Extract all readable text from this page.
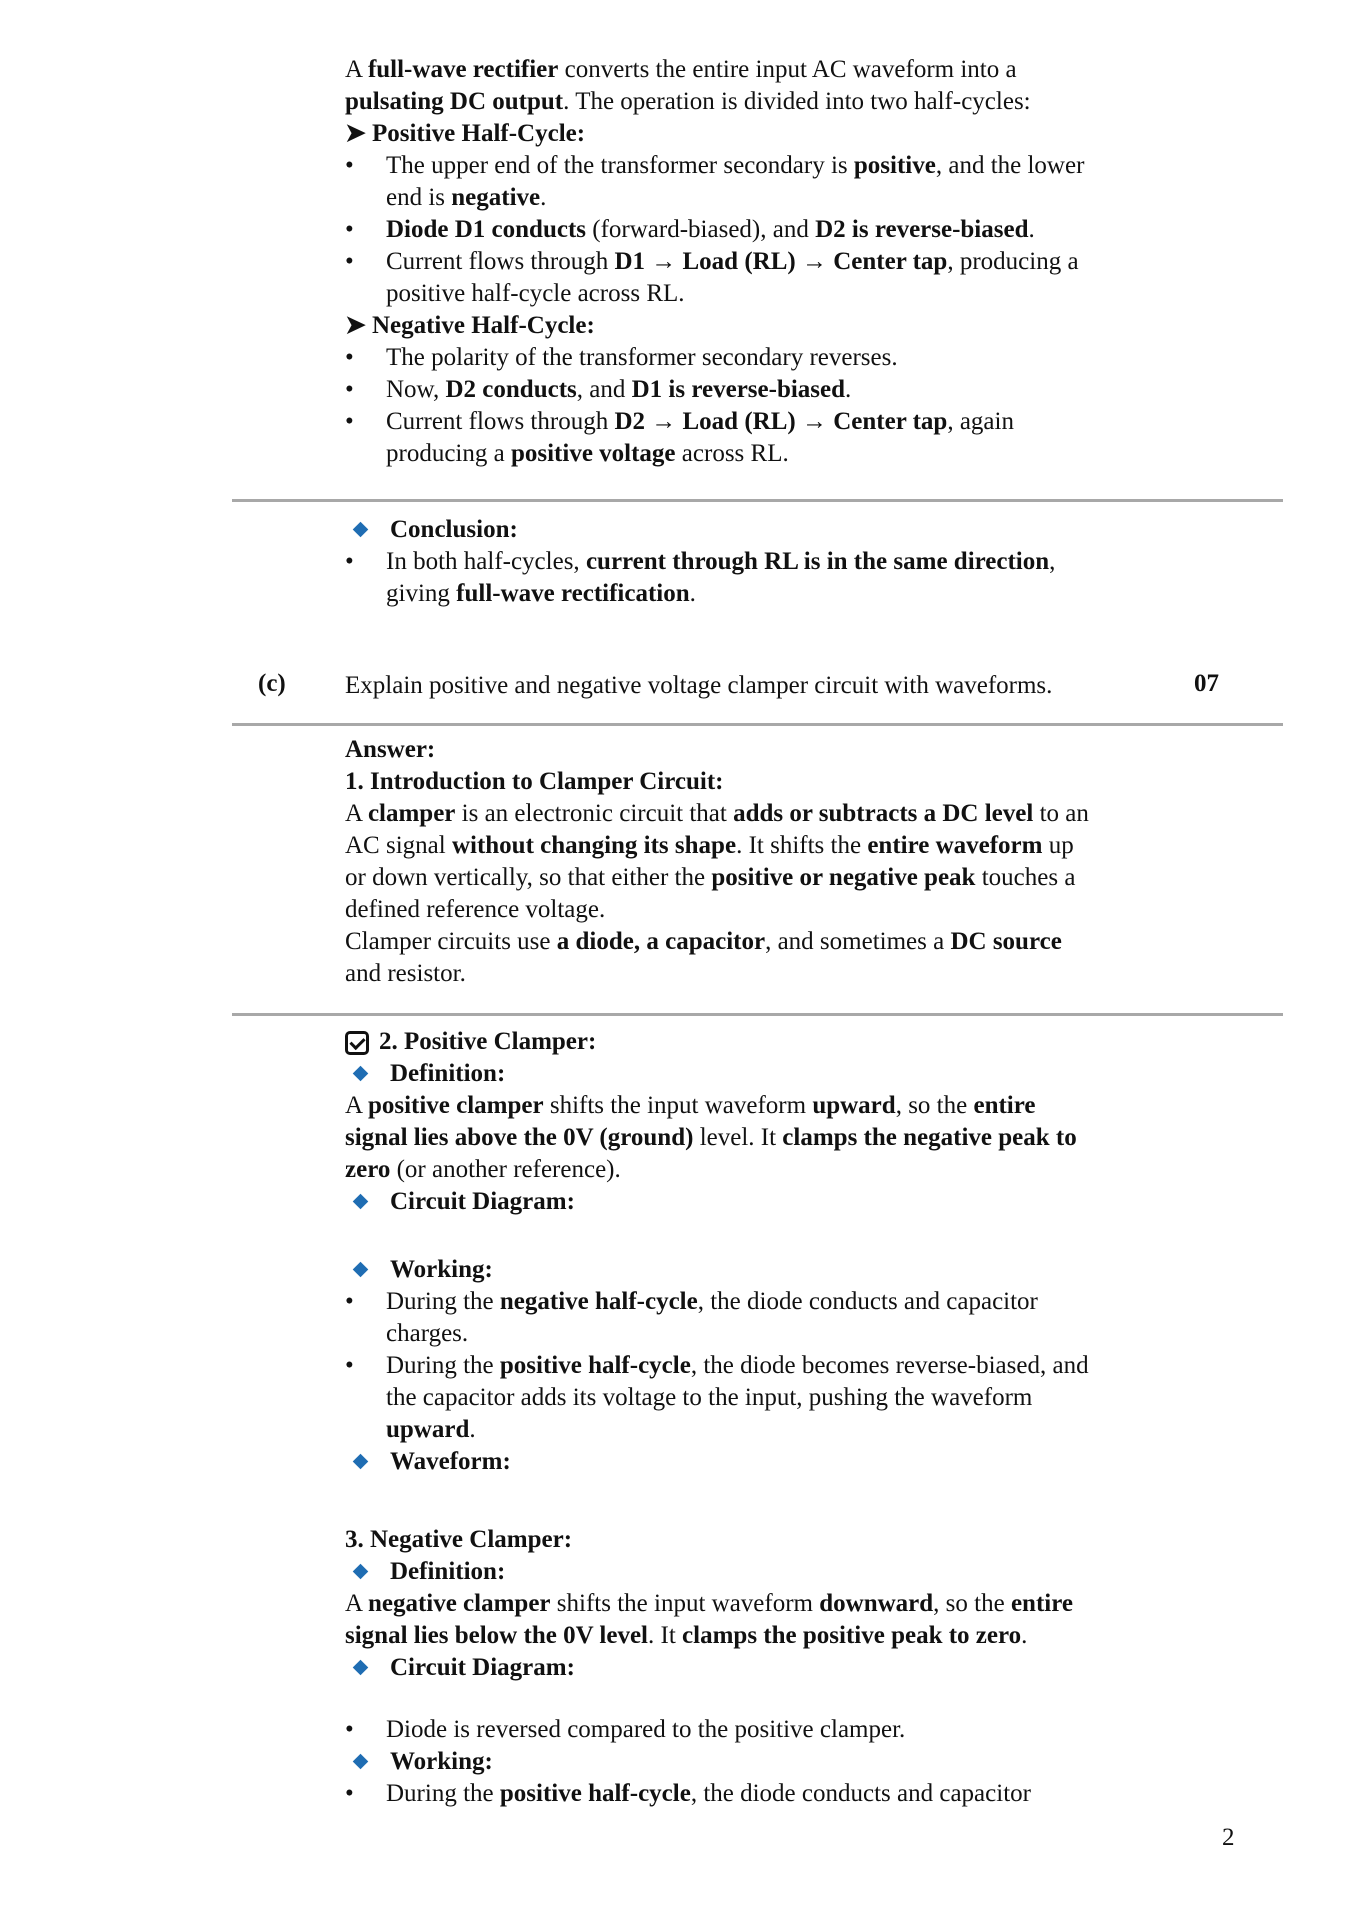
A full-wave rectifier converts the entire input AC waveform into a
pulsating DC output. The operation is divided into two half-cycles:
➤ Positive Half-Cycle:
•	The upper end of the transformer secondary is positive, and the lower
end is negative.
•	Diode D1 conducts (forward-biased), and D2 is reverse-biased.
•	Current flows through D1 → Load (RL) → Center tap, producing a
positive half-cycle across RL.
➤ Negative Half-Cycle:
•	The polarity of the transformer secondary reverses.
•	Now, D2 conducts, and D1 is reverse-biased.
•	Current flows through D2 → Load (RL) → Center tap, again
producing a positive voltage across RL.
Conclusion:
•	In both half-cycles, current through RL is in the same direction,
giving full-wave rectification.
(c) Explain positive and negative voltage clamper circuit with waveforms.	07
Answer:
1. Introduction to Clamper Circuit:
A clamper is an electronic circuit that adds or subtracts a DC level to an
AC signal without changing its shape. It shifts the entire waveform up
or down vertically, so that either the positive or negative peak touches a
defined reference voltage.
Clamper circuits use a diode, a capacitor, and sometimes a DC source
and resistor.
2. Positive Clamper:
Definition:
A positive clamper shifts the input waveform upward, so the entire
signal lies above the 0V (ground) level. It clamps the negative peak to
zero (or another reference).
Circuit Diagram:
Working:
•	During the negative half-cycle, the diode conducts and capacitor
charges.
•	During the positive half-cycle, the diode becomes reverse-biased, and
the capacitor adds its voltage to the input, pushing the waveform
upward.
Waveform:
3. Negative Clamper:
Definition:
A negative clamper shifts the input waveform downward, so the entire
signal lies below the 0V level. It clamps the positive peak to zero.
Circuit Diagram:
•	Diode is reversed compared to the positive clamper.
Working:
•	During the positive half-cycle, the diode conducts and capacitor
2
